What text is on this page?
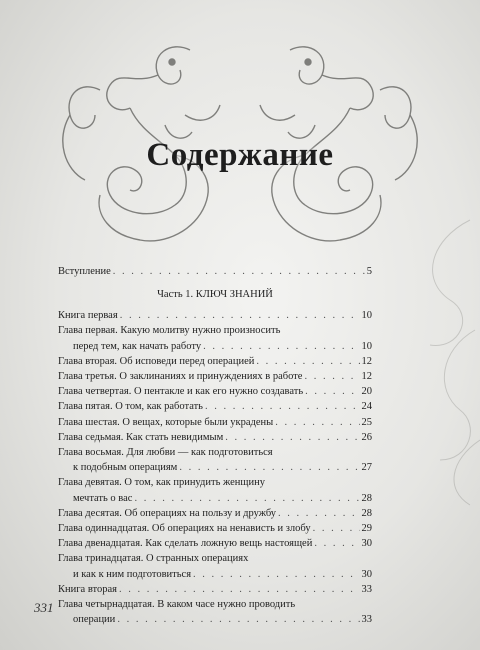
Содержание
Вступление . . .	5
Часть 1. КЛЮЧ ЗНАНИЙ
Книга первая . . .	10
Глава первая. Какую молитву нужно произносить
перед тем, как начать работу . . .	10
Глава вторая. Об исповеди перед операцией . . .	12
Глава третья. О заклинаниях и принуждениях в работе . . .	12
Глава четвертая. О пентакле и как его нужно создавать . . .	20
Глава пятая. О том, как работать . . .	24
Глава шестая. О вещах, которые были украдены . . .	25
Глава седьмая. Как стать невидимым . . .	26
Глава восьмая. Для любви — как подготовиться
к подобным операциям . . .	27
Глава девятая. О том, как принудить женщину
мечтать о вас . . .	28
Глава десятая. Об операциях на пользу и дружбу . . .	28
Глава одиннадцатая. Об операциях на ненависть и злобу . . .	29
Глава двенадцатая. Как сделать ложную вещь настоящей . . .	30
Глава тринадцатая. О странных операциях
и как к ним подготовиться . . .	30
Книга вторая . . .	33
Глава четырнадцатая. В каком часе нужно проводить
операции . . .	33
331
